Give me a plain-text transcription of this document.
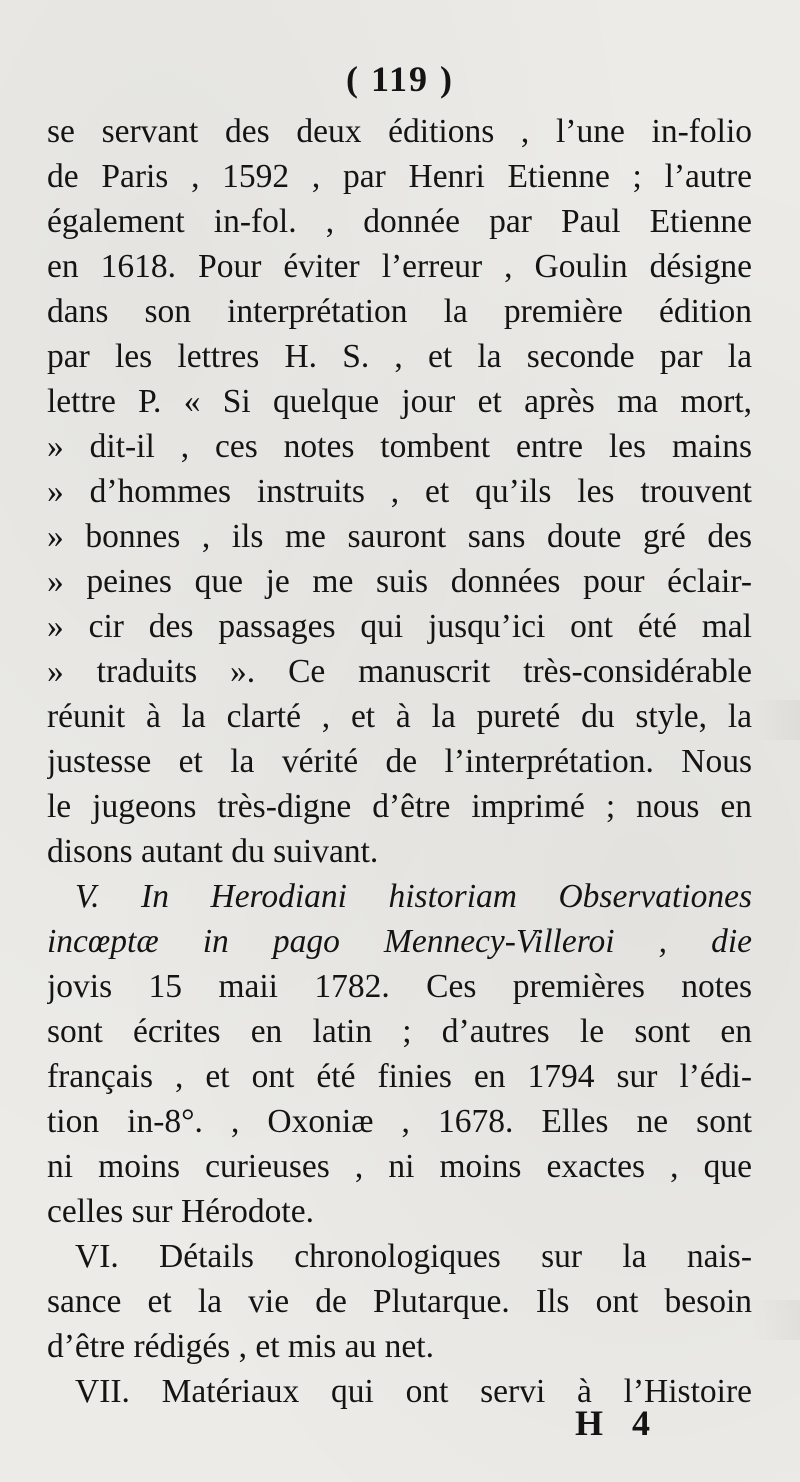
( 119 )
se servant des deux éditions , l’une in-folio
de Paris , 1592 , par Henri Etienne ; l’autre
également in-fol. , donnée par Paul Etienne
en 1618. Pour éviter l’erreur , Goulin désigne
dans son interprétation la première édition
par les lettres H. S. , et la seconde par la
lettre P. « Si quelque jour et après ma mort,
» dit-il , ces notes tombent entre les mains
» d’hommes instruits , et qu’ils les trouvent
» bonnes , ils me sauront sans doute gré des
» peines que je me suis données pour éclair-
» cir des passages qui jusqu’ici ont été mal
» traduits ». Ce manuscrit très-considérable
réunit à la clarté , et à la pureté du style, la
justesse et la vérité de l’interprétation. Nous
le jugeons très-digne d’être imprimé ; nous en
disons autant du suivant.
V. In Herodiani historiam Observationes
incœptæ in pago Mennecy-Villeroi , die
jovis 15 maii 1782. Ces premières notes
sont écrites en latin ; d’autres le sont en
français , et ont été finies en 1794 sur l’édi-
tion in-8°. , Oxoniæ , 1678. Elles ne sont
ni moins curieuses , ni moins exactes , que
celles sur Hérodote.
VI. Détails chronologiques sur la nais-
sance et la vie de Plutarque. Ils ont besoin
d’être rédigés , et mis au net.
VII. Matériaux qui ont servi à l’Histoire
H 4
